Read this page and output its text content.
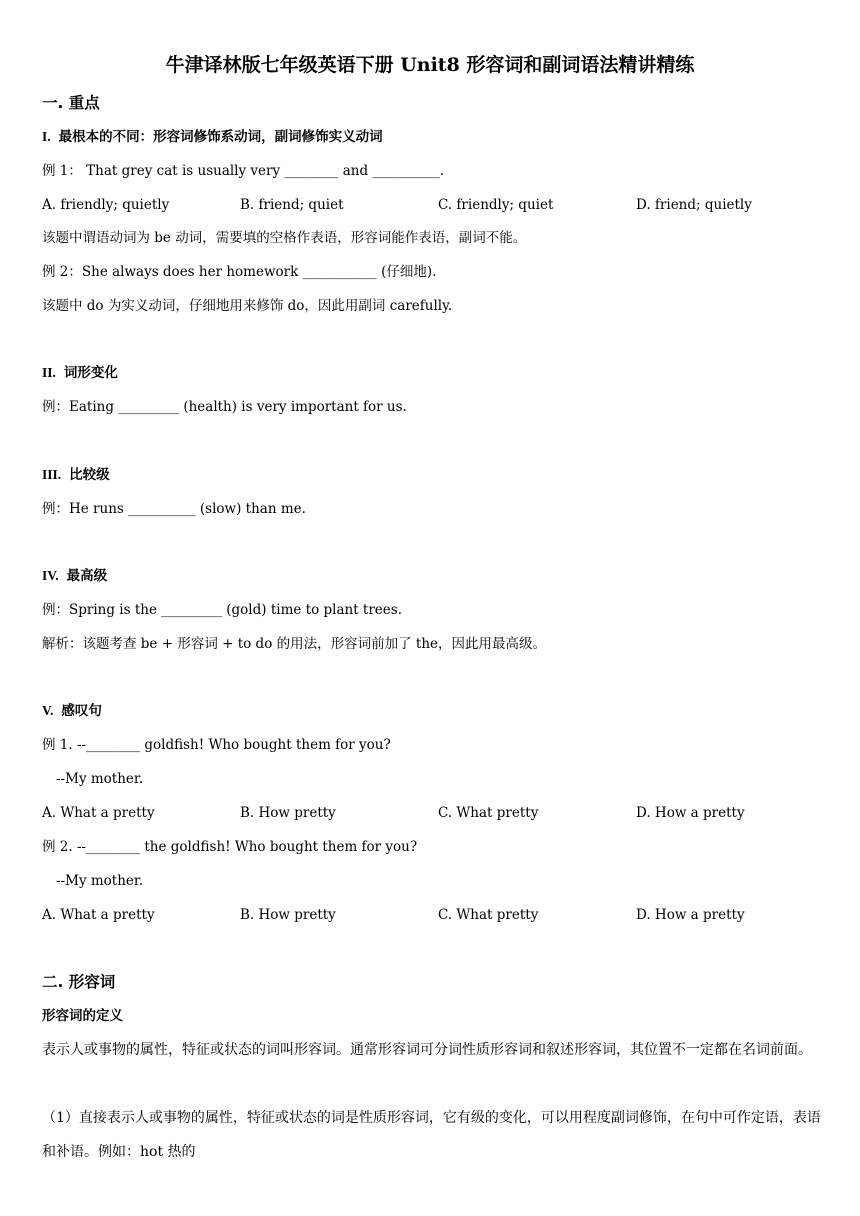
牛津译林版七年级英语下册 Unit8 形容词和副词语法精讲精练
一. 重点
I. 最根本的不同：形容词修饰系动词，副词修饰实义动词
例 1： That grey cat is usually very ________ and __________.
A. friendly; quietly	B. friend; quiet	C. friendly; quiet	D. friend; quietly
该题中谓语动词为 be 动词，需要填的空格作表语，形容词能作表语，副词不能。
例 2：She always does her homework ___________ (仔细地).
该题中 do 为实义动词，仔细地用来修饰 do，因此用副词 carefully.
II. 词形变化
例：Eating _________ (health) is very important for us.
III. 比较级
例：He runs __________ (slow) than me.
IV. 最高级
例：Spring is the _________ (gold) time to plant trees.
解析：该题考查 be + 形容词 + to do 的用法，形容词前加了 the，因此用最高级。
V. 感叹句
例 1. --________ goldfish! Who bought them for you?
--My mother.
A. What a pretty	B. How pretty	C. What pretty	D. How a pretty
例 2. --________ the goldfish! Who bought them for you?
--My mother.
A. What a pretty	B. How pretty	C. What pretty	D. How a pretty
二. 形容词
形容词的定义
表示人或事物的属性，特征或状态的词叫形容词。通常形容词可分词性质形容词和叙述形容词，其位置不一定都在名词前面。
（1）直接表示人或事物的属性，特征或状态的词是性质形容词，它有级的变化，可以用程度副词修饰，在句中可作定语，表语和补语。例如：hot 热的
